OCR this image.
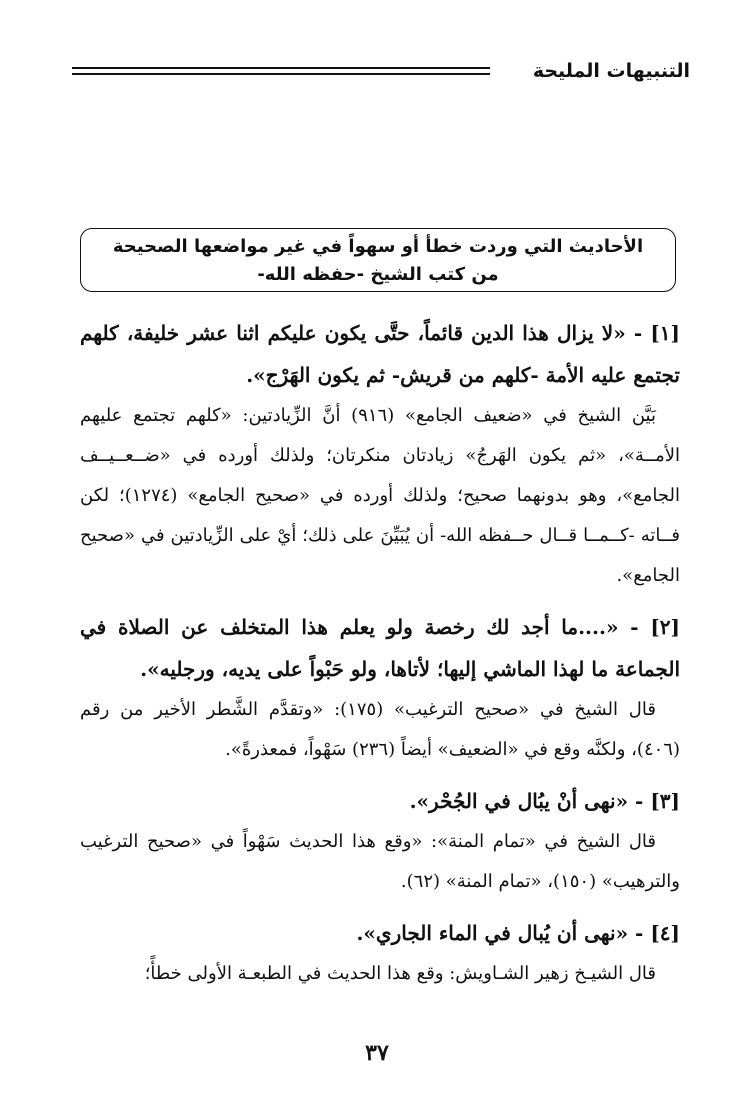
التنبيهات المليحة
الأحاديث التي وردت خطأ أو سهواً في غير مواضعها الصحيحة
من كتب الشيخ -حفظه الله-

[١] - «لا يزال هذا الدين قائماً، حتَّى يكون عليكم اثنا عشر خليفة، كلهم تجتمع عليه الأمة -كلهم من قريش- ثم يكون الهَرْج».

بَيَّن الشيخ في «ضعيف الجامع» (٩١٦) أنَّ الزِّيادتين: «كلهم تجتمع عليهم الأمــة»، «ثم يكون الهَرجُ» زيادتان منكرتان؛ ولذلك أورده في «ضــعــيــف الجامع»، وهو بدونهما صحيح؛ ولذلك أورده في «صحيح الجامع» (١٢٧٤)؛ لكن فــاته -كــمــا قــال حــفظه الله- أن يُبَيِّنَ على ذلك؛ أيْ على الزِّيادتين في «صحيح الجامع».

[٢] - «....ما أجد لك رخصة ولو يعلم هذا المتخلف عن الصلاة في الجماعة ما لهذا الماشي إليها؛ لأتاها، ولو حَبْواً على يديه، ورجليه».

قال الشيخ في «صحيح الترغيب» (١٧٥): «وتقدَّم الشَّطر الأخير من رقم (٤٠٦)، ولكنَّه وقع في «الضعيف» أيضاً (٢٣٦) سَهْواً، فمعذرةً».

[٣] - «نهى أنْ يبُال في الجُحْر».

قال الشيخ في «تمام المنة»: «وقع هذا الحديث سَهْواً في «صحيح الترغيب والترهيب» (١٥٠)، «تمام المنة» (٦٢).

[٤] - «نهى أن يُبال في الماء الجاري».

قال الشيـخ زهير الشـاويش: وقع هذا الحديث في الطبعـة الأولى خطأً؛

٣٧
